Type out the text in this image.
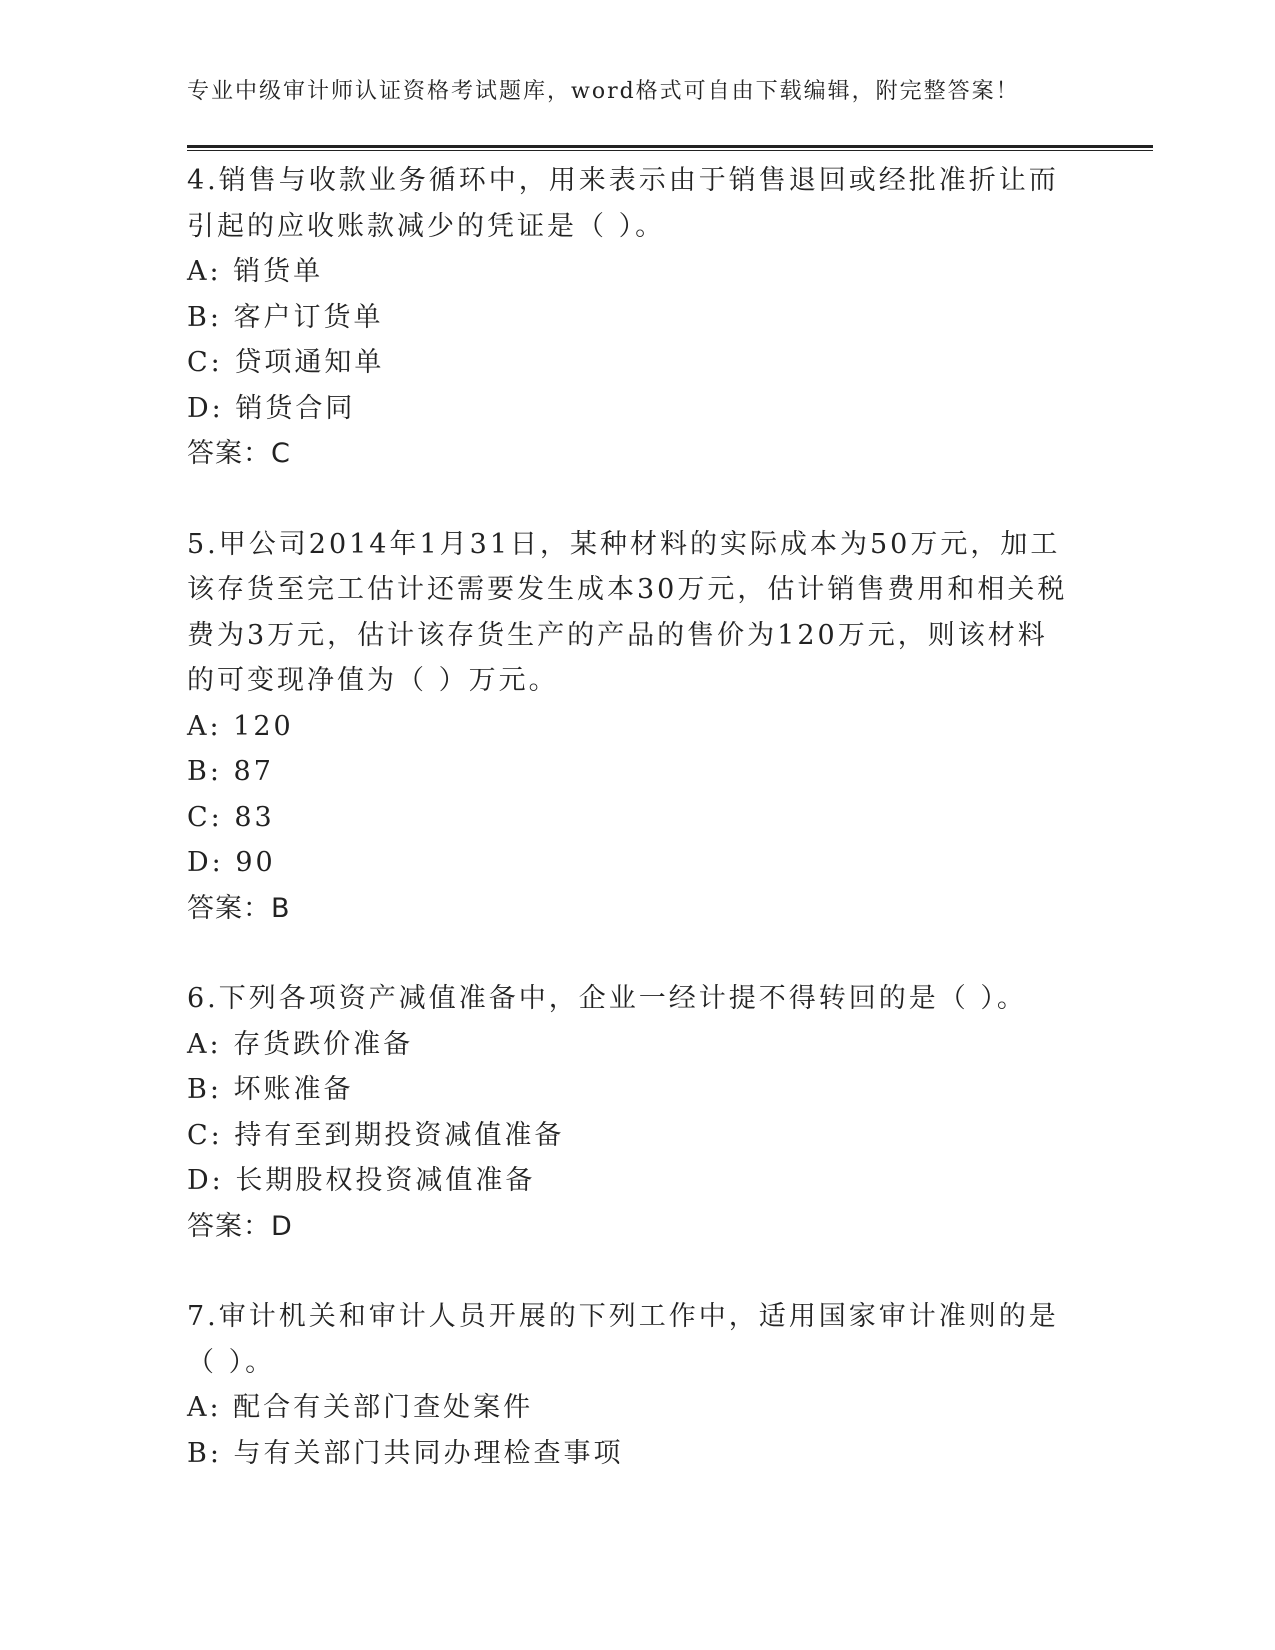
专业中级审计师认证资格考试题库，word格式可自由下载编辑，附完整答案！

4.销售与收款业务循环中，用来表示由于销售退回或经批准折让而引起的应收账款减少的凭证是（ ）。

A: 销货单

B: 客户订货单

C: 贷项通知单

D: 销货合同

答案：C

5.甲公司2014年1月31日，某种材料的实际成本为50万元，加工该存货至完工估计还需要发生成本30万元，估计销售费用和相关税费为3万元，估计该存货生产的产品的售价为120万元，则该材料的可变现净值为（ ）万元。

A: 120

B: 87

C: 83

D: 90

答案：B

6.下列各项资产减值准备中，企业一经计提不得转回的是（ ）。

A: 存货跌价准备

B: 坏账准备

C: 持有至到期投资减值准备

D: 长期股权投资减值准备

答案：D

7.审计机关和审计人员开展的下列工作中，适用国家审计准则的是（ ）。

A: 配合有关部门查处案件

B: 与有关部门共同办理检查事项
